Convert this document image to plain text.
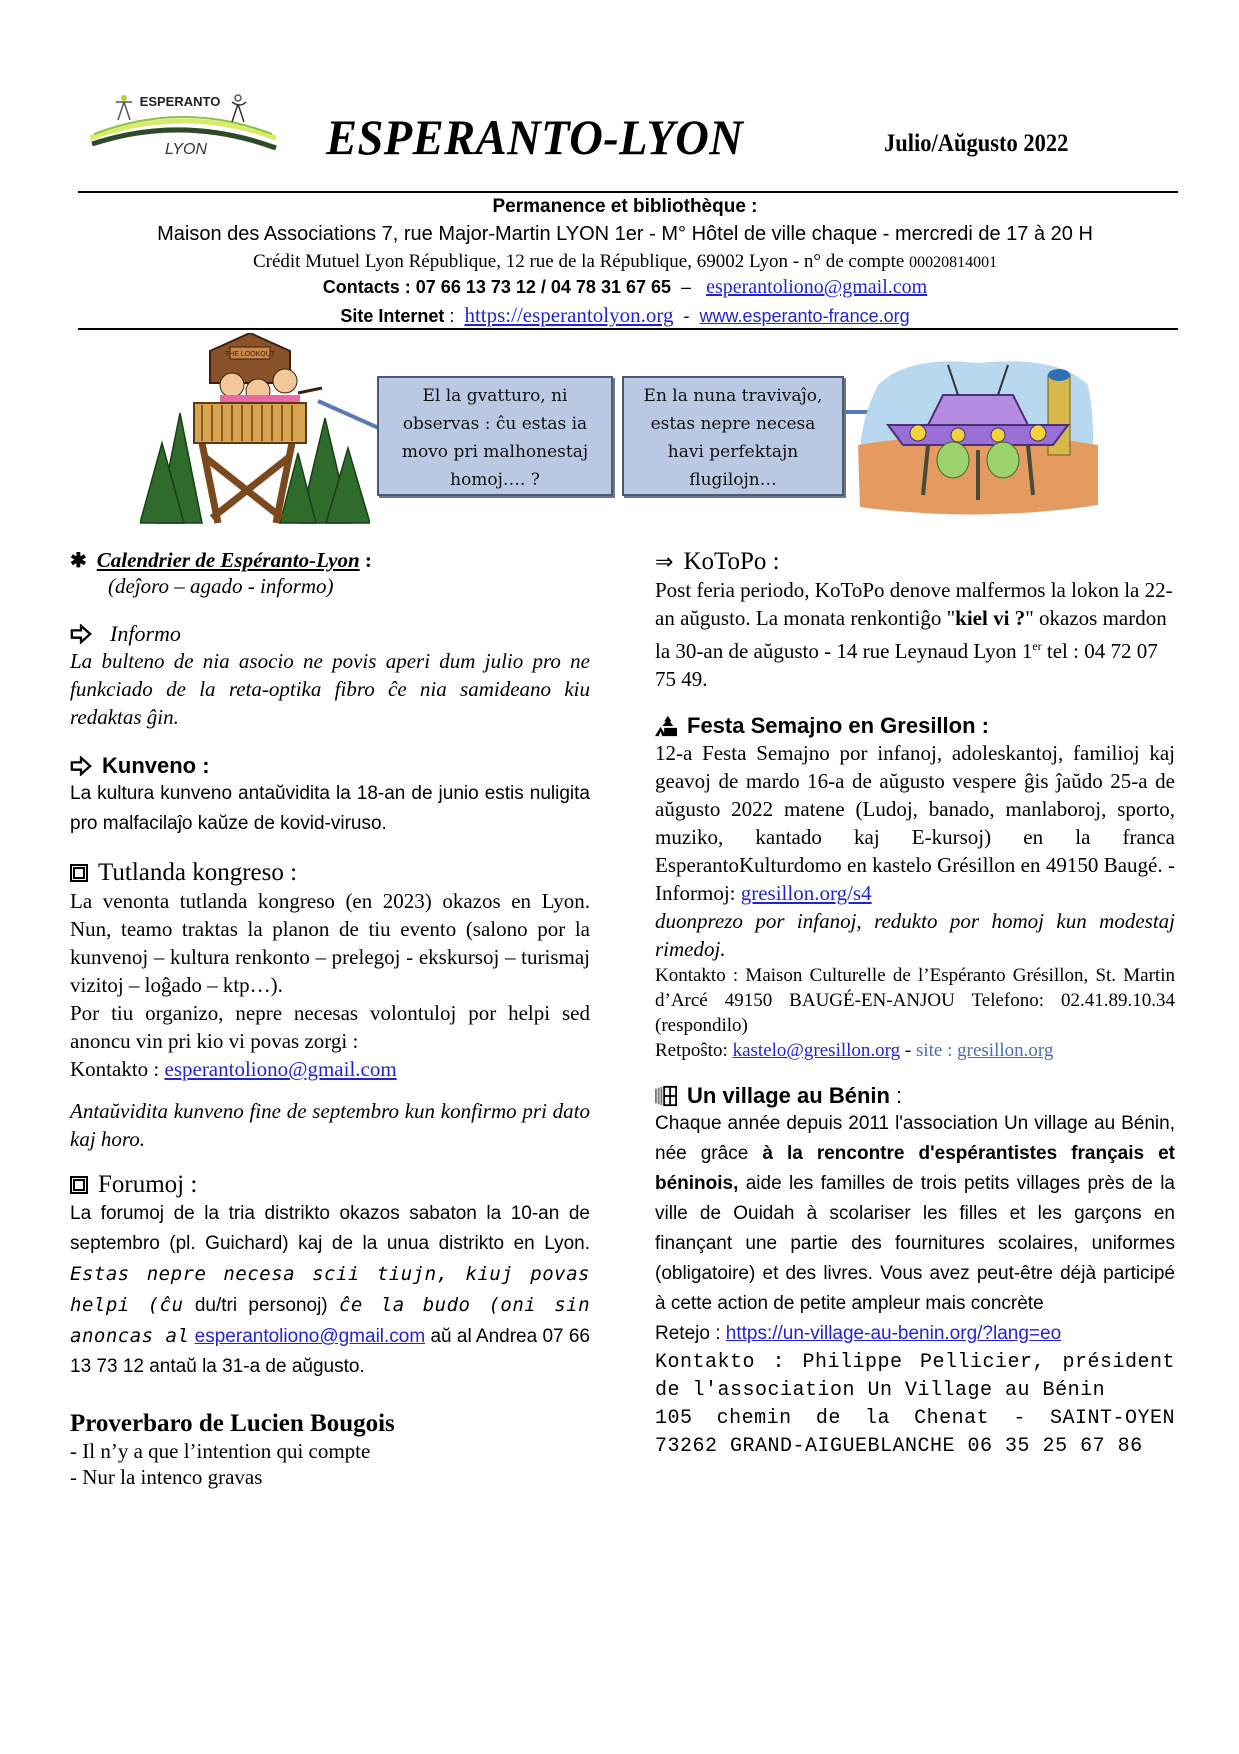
ESPERANTO
LYON ESPERANTO-LYON	Julio/Aŭgusto 2022
Permanence et bibliothèque :
Maison des Associations 7, rue Major-Martin LYON 1er - M° Hôtel de ville chaque - mercredi de 17 à 20 H
Crédit Mutuel Lyon République, 12 rue de la République, 69002 Lyon - n° de compte 00020814001
Contacts : 07 66 13 73 12 / 04 78 31 67 65 – esperantoliono@gmail.com
Site Internet : https://esperantolyon.org - www.esperanto-france.org
THE LOOKOUT
El la gvatturo, ni
observas : ĉu estas ia
movo pri malhonestaj
homoj…. ?
En la nuna travivaĵo,
estas nepre necesa
havi perfektajn
flugilojn…
✱ Calendrier de Espéranto-Lyon :
(deĵoro – agado - informo)
Informo

La bulteno de nia asocio ne povis aperi dum julio pro ne funkciado de la reta-optika fibro ĉe nia samideano kiu redaktas ĝin.

Kunveno :

La kultura kunveno antaŭvidita la 18-an de junio estis nuligita pro malfacilaĵo kaŭze de kovid-viruso.

Tutlanda kongreso :

La venonta tutlanda kongreso (en 2023) okazos en Lyon. Nun, teamo traktas la planon de tiu evento (salono por la kunvenoj – kultura renkonto – prelegoj - ekskursoj – turismaj vizitoj – loĝado – ktp…).

Por tiu organizo, nepre necesas volontuloj por helpi sed anoncu vin pri kio vi povas zorgi :

Kontakto : esperantoliono@gmail.com

Antaŭvidita kunveno fine de septembro kun konfirmo pri dato kaj horo.

Forumoj :

La forumoj de la tria distrikto okazos sabaton la 10-an de septembro (pl. Guichard) kaj de la unua distrikto en Lyon. Estas nepre necesa scii tiujn, kiuj povas helpi (ĉu du/tri personoj) ĉe la budo (oni sin anoncas al esperantoliono@gmail.com aŭ al Andrea 07 66 13 73 12 antaŭ la 31-a de aŭgusto.

Proverbaro de Lucien Bougois
- Il n’y a que l’intention qui compte
- Nur la intenco gravas
⇒ KoToPo :

Post feria periodo, KoToPo denove malfermos la lokon la 22-an aŭgusto. La monata renkontiĝo "kiel vi ?" okazos mardon la 30-an de aŭgusto - 14 rue Leynaud Lyon 1er tel : 04 72 07 75 49.

Festa Semajno en Gresillon :

12-a Festa Semajno por infanoj, adoleskantoj, familioj kaj geavoj de mardo 16-a de aŭgusto vespere ĝis ĵaŭdo 25-a de aŭgusto 2022 matene (Ludoj, banado, manlaboroj, sporto, muziko, kantado kaj E-kursoj) en la franca EsperantoKulturdomo en kastelo Grésillon en 49150 Baugé. - Informoj: gresillon.org/s4

duonprezo por infanoj, redukto por homoj kun modestaj rimedoj.

Kontakto : Maison Culturelle de l’Espéranto Grésillon, St. Martin d’Arcé 49150 BAUGÉ-EN-ANJOU Telefono: 02.41.89.10.34 (respondilo)

Retpoŝto: kastelo@gresillon.org - site : gresillon.org

Un village au Bénin :

Chaque année depuis 2011 l'association Un village au Bénin, née grâce à la rencontre d'espérantistes français et béninois, aide les familles de trois petits villages près de la ville de Ouidah à scolariser les filles et les garçons en finançant une partie des fournitures scolaires, uniformes (obligatoire) et des livres. Vous avez peut-être déjà participé à cette action de petite ampleur mais concrète

Retejo : https://un-village-au-benin.org/?lang=eo

Kontakto : Philippe Pellicier, président de l'association Un Village au Bénin

105 chemin de la Chenat - SAINT-OYEN 73262 GRAND-AIGUEBLANCHE 06 35 25 67 86
